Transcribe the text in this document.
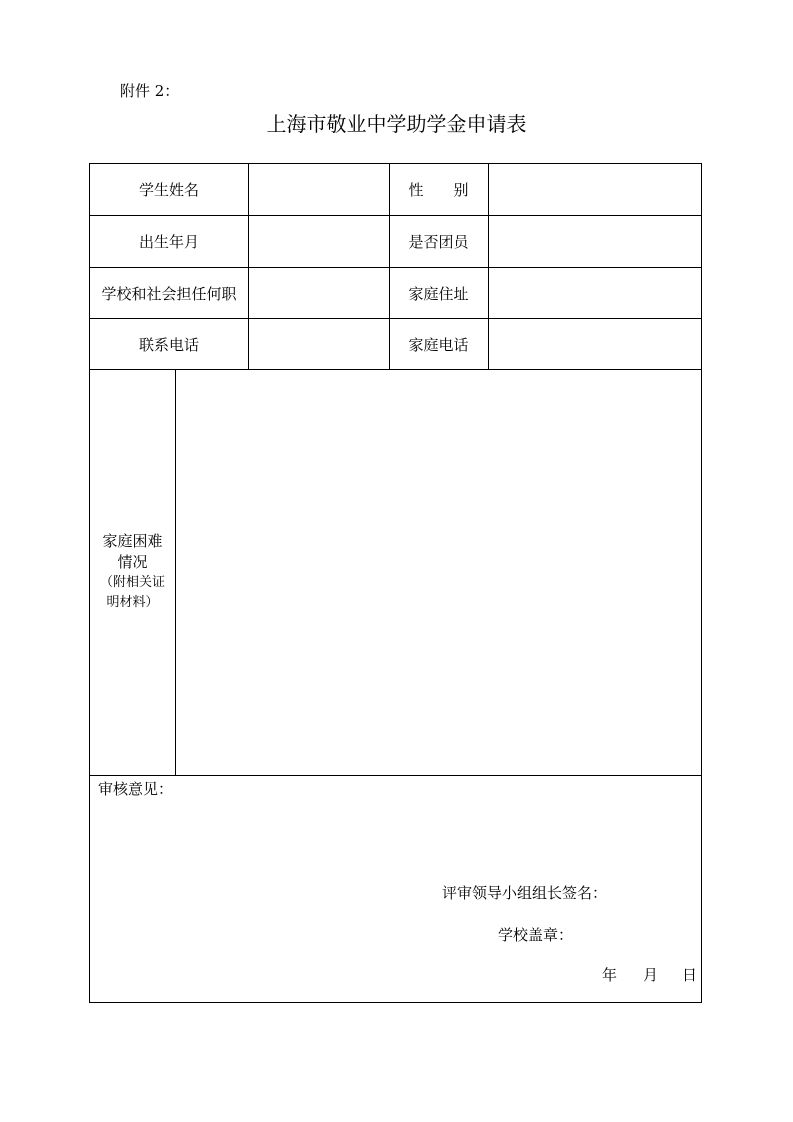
附件 2：
上海市敬业中学助学金申请表
学生姓名	性　　别
出生年月	是否团员
学校和社会担任何职	家庭住址
联系电话	家庭电话
家庭困难
情况
（附相关证
明材料）
审核意见：
评审领导小组组长签名：
学校盖章：
年 月 日
